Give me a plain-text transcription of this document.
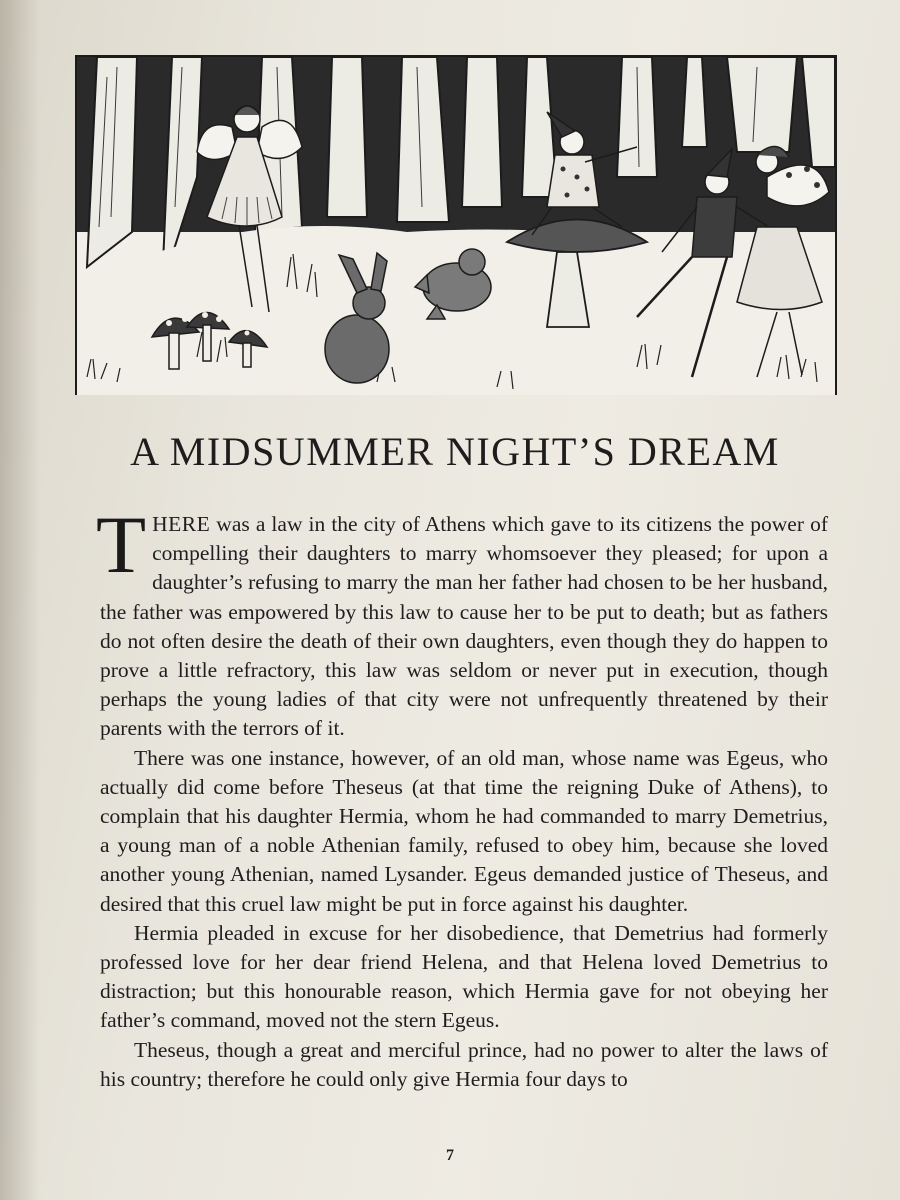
A MIDSUMMER NIGHT’S DREAM

THERE was a law in the city of Athens which gave to its citizens the power of compelling their daughters to marry whomsoever they pleased; for upon a daughter’s refusing to marry the man her father had chosen to be her husband, the father was empowered by this law to cause her to be put to death; but as fathers do not often desire the death of their own daughters, even though they do happen to prove a little refractory, this law was seldom or never put in execution, though perhaps the young ladies of that city were not unfrequently threatened by their parents with the terrors of it.

There was one instance, however, of an old man, whose name was Egeus, who actually did come before Theseus (at that time the reigning Duke of Athens), to complain that his daughter Hermia, whom he had commanded to marry Demetrius, a young man of a noble Athenian family, refused to obey him, because she loved another young Athenian, named Lysander. Egeus demanded justice of Theseus, and desired that this cruel law might be put in force against his daughter.

Hermia pleaded in excuse for her disobedience, that Demetrius had formerly professed love for her dear friend Helena, and that Helena loved Demetrius to distraction; but this honourable reason, which Hermia gave for not obeying her father’s command, moved not the stern Egeus.

Theseus, though a great and merciful prince, had no power to alter the laws of his country; therefore he could only give Hermia four days to

7
